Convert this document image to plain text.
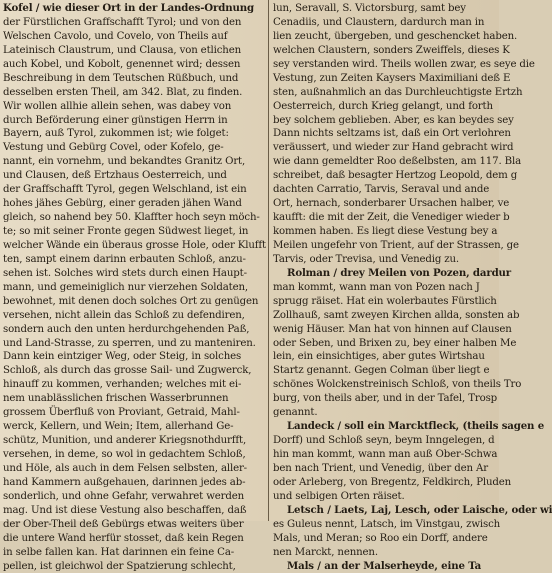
Kofel / wie dieser Ort in der Landes-Ordnung
der Fürstlichen Graffschafft Tyrol; und von den
Welschen Cavolo, und Covelo, von Theils auf
Lateinisch Claustrum, und Clausa, von etlichen
auch Kobel, und Kobolt, genennet wird; dessen
Beschreibung in dem Teutschen Rüßbuch, und
desselben ersten Theil, am 342. Blat, zu finden.
Wir wollen allhie allein sehen, was dabey von
durch Beförderung einer günstigen Herrn in
Bayern, auß Tyrol, zukommen ist; wie folget:
Vestung und Gebürg Covel, oder Kofelo, ge-
nannt, ein vornehm, und bekandtes Granitz Ort,
und Clausen, deß Ertzhaus Oesterreich, und
der Graffschafft Tyrol, gegen Welschland, ist ein
hohes jähes Gebürg, einer geraden jähen Wand
gleich, so nahend bey 50. Klaffter hoch seyn möch-
te; so mit seiner Fronte gegen Südwest lieget, in
welcher Wände ein überaus grosse Hole, oder Klufft
ten, sampt einem darinn erbauten Schloß, anzu-
sehen ist. Solches wird stets durch einen Haupt-
mann, und gemeiniglich nur vierzehen Soldaten,
bewohnet, mit denen doch solches Ort zu genügen
versehen, nicht allein das Schloß zu defendiren,
sondern auch den unten herdurchgehenden Paß,
und Land-Strasse, zu sperren, und zu manteniren.
Dann kein eintziger Weg, oder Steig, in solches
Schloß, als durch das grosse Sail- und Zugwerck,
hinauff zu kommen, verhanden; welches mit ei-
nem unablässlichen frischen Wasserbrunnen
grossem Überfluß von Proviant, Getraid, Mahl-
werck, Kellern, und Wein; Item, allerhand Ge-
schütz, Munition, und anderer Kriegsnothdurfft,
versehen, in deme, so wol in gedachtem Schloß,
und Höle, als auch in dem Felsen selbsten, aller-
hand Kammern außgehauen, darinnen jedes ab-
sonderlich, und ohne Gefahr, verwahret werden
mag. Und ist diese Vestung also beschaffen, daß
der Ober-Theil deß Gebürgs etwas weiters über
die untere Wand herfür stosset, daß kein Regen
in selbe fallen kan. Hat darinnen ein feine Ca-
pellen, ist gleichwol der Spatzierung schlecht,
lun, Seravall, S. Victorsburg, samt bey
Cenadiis, und Claustern, dardurch man in
lien zeucht, übergeben, und geschencket haben.
welchen Claustern, sonders Zweiffels, dieses K
sey verstanden wird. Theils wollen zwar, es seye die
Vestung, zun Zeiten Kaysers Maximiliani deß E
sten, außnahmlich an das Durchleuchtigste Ertzh
Oesterreich, durch Krieg gelangt, und forth
bey solchem geblieben. Aber, es kan beydes sey
Dann nichts seltzams ist, daß ein Ort verlohren
veräussert, und wieder zur Hand gebracht wird
wie dann gemeldter Roo deßelbsten, am 117. Bla
schreibet, daß besagter Hertzog Leopold, dem g
dachten Carratio, Tarvis, Seraval und ande
Ort, hernach, sonderbarer Ursachen halber, ve
kaufft: die mit der Zeit, die Venediger wieder b
kommen haben. Es liegt diese Vestung bey a
Meilen ungefehr von Trient, auf der Strassen, ge
Tarvis, oder Trevisa, und Venedig zu.
Rolman / drey Meilen von Pozen, dardur
man kommt, wann man von Pozen nach J
sprugg räiset. Hat ein wolerbautes Fürstlich
Zollhauß, samt zweyen Kirchen allda, sonsten ab
wenig Häuser. Man hat von hinnen auf Clausen
oder Seben, und Brixen zu, bey einer halben Me
lein, ein einsichtiges, aber gutes Wirtshau
Startz genannt. Gegen Colman über liegt e
schönes Wolckenstreinisch Schloß, von theils Tro
burg, von theils aber, und in der Tafel, Trosp
genannt.
Landeck / soll ein Marcktfleck, (theils sagen e
Dorff) und Schloß seyn, beym Inngelegen, d
hin man kommt, wann man auß Ober-Schwa
ben nach Trient, und Venedig, über den Ar
oder Arleberg, von Bregentz, Feldkirch, Pluden
und selbigen Orten räiset.
Letsch / Laets, Laj, Lesch, oder Laische, oder wi
es Guleus nennt, Latsch, im Vinstgau, zwisch
Mals, und Meran; so Roo ein Dorff, andere
nen Marckt, nennen.
Mals / an der Malserheyde, eine Ta
